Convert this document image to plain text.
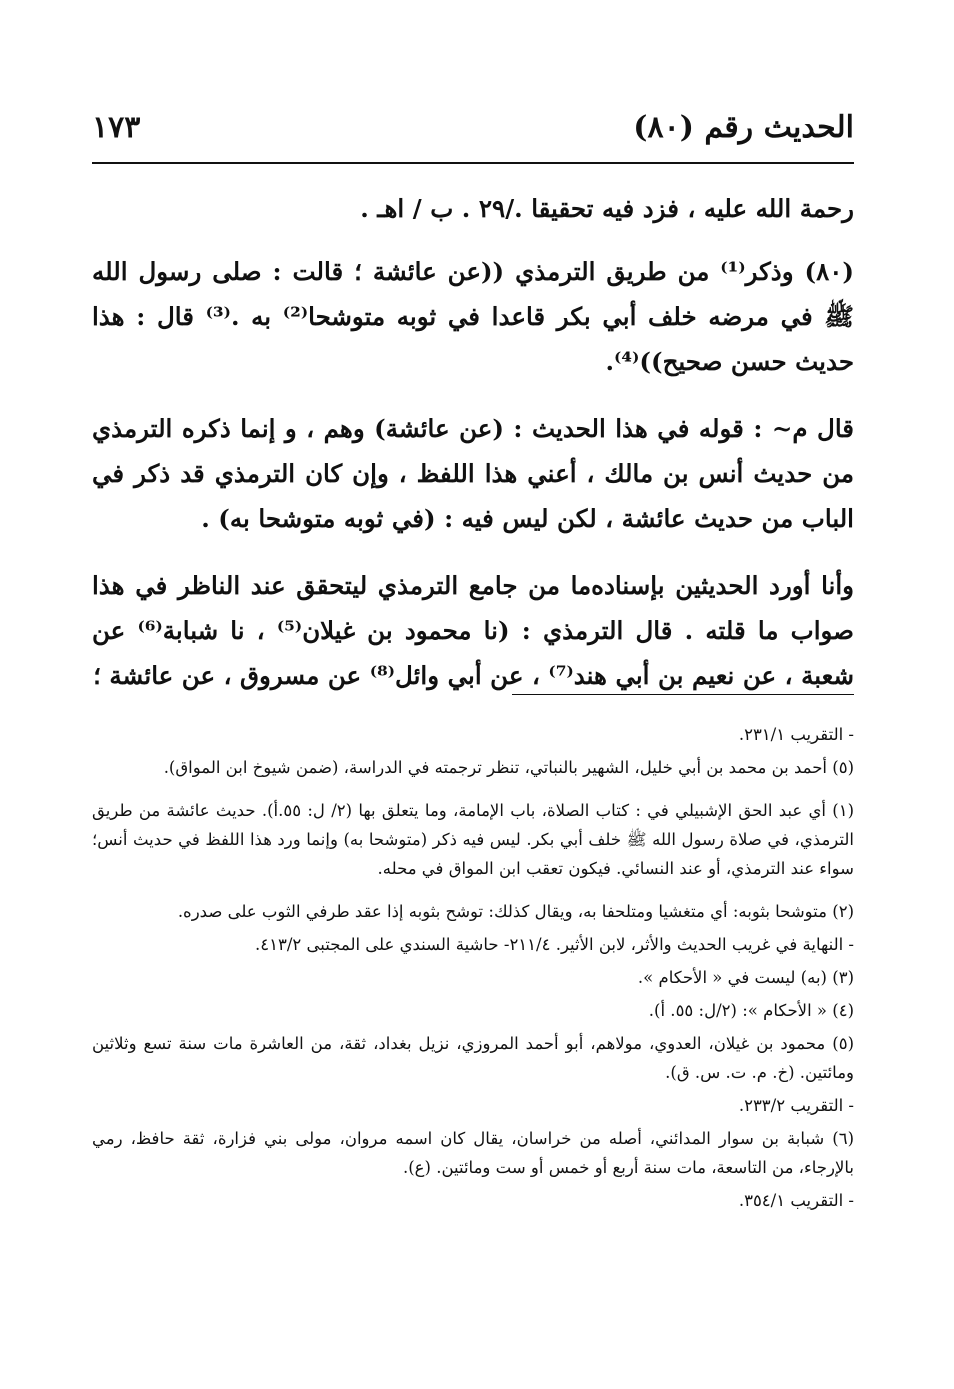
الحديث رقم (٨٠)
١٧٣

رحمة الله عليه ، فزد فيه تحقيقا ./٢٩ . ب / اهـ .

(٨٠) وذكر⁽¹⁾ من طريق الترمذي ((عن عائشة ؛ قالت : صلى رسول الله ﷺ في مرضه خلف أبي بكر قاعدا في ثوبه متوشحا⁽²⁾ به .⁽³⁾ قال : هذا حديث حسن صحيح))⁽⁴⁾.

قال م~ : قوله في هذا الحديث : (عن عائشة) وهم ، و إنما ذكره الترمذي من حديث أنس بن مالك ، أعني هذا اللفظ ، وإن كان الترمذي قد ذكر في الباب من حديث عائشة ، لكن ليس فيه : (في ثوبه متوشحا به) .

وأنا أورد الحديثين بإسناده‌ما من جامع الترمذي ليتحقق عند الناظر في هذا صواب ما قلته . قال الترمذي : (نا محمود بن غيلان⁽⁵⁾ ، نا شبابة⁽⁶⁾ عن شعبة ، عن نعيم بن أبي هند⁽⁷⁾ ، عن أبي وائل⁽⁸⁾ عن مسروق ، عن عائشة ؛

- التقريب ٢٣١/١.

(٥) أحمد بن محمد بن أبي خليل، الشهير بالنباتي، تنظر ترجمته في الدراسة، (ضمن شيوخ ابن المواق).

(١) أي عبد الحق الإشبيلي في : كتاب الصلاة، باب الإمامة، وما يتعلق بها (٢/ ل: ٥٥.أ). حديث عائشة من طريق الترمذي، في صلاة رسول الله ﷺ خلف أبي بكر. ليس فيه ذكر (متوشحا به) وإنما ورد هذا اللفظ في حديث أنس؛ سواء عند الترمذي، أو عند النسائي. فيكون تعقب ابن المواق في محله.

(٢) متوشحا بثوبه: أي متغشيا ومتلحفا به، ويقال كذلك: توشح بثوبه إذا عقد طرفي الثوب على صدره.

- النهاية في غريب الحديث والأثر، لابن الأثير. ٢١١/٤- حاشية السندي على المجتبى ٤١٣/٢.

(٣) (به) ليست في « الأحكام ».

(٤) « الأحكام »: (٢/ل: ٥٥. أ).

(٥) محمود بن غيلان، العدوي، مولاهم، أبو أحمد المروزي، نزيل بغداد، ثقة، من العاشرة مات سنة تسع وثلاثين ومائتين. (خ. م. ت. س. ق).

- التقريب ٢٣٣/٢.

(٦) شبابة بن سوار المدائني، أصله من خراسان، يقال كان اسمه مروان، مولى بني فزارة، ثقة حافظ، رمي بالإرجاء، من التاسعة، مات سنة أربع أو خمس أو ست ومائتين. (ع).

- التقريب ٣٥٤/١.
